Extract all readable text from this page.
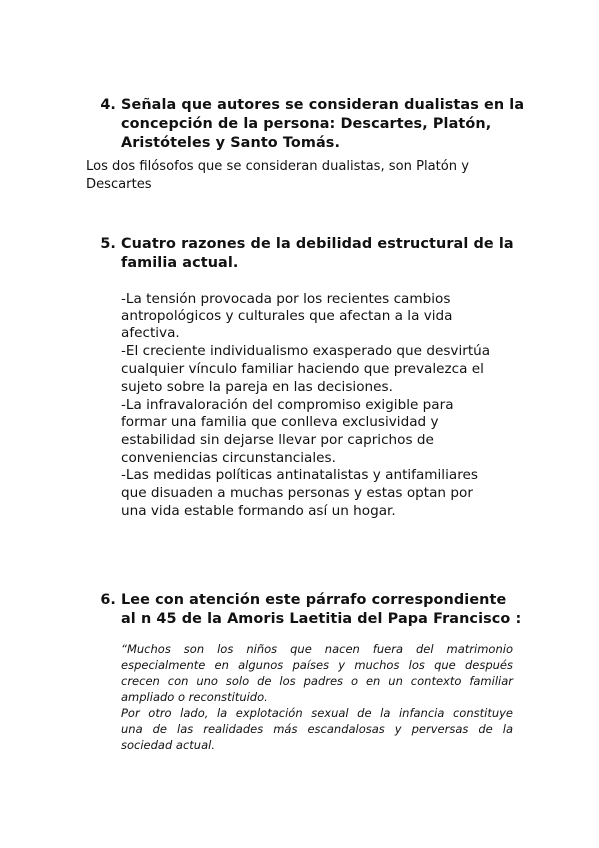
4. Señala que autores se consideran dualistas en la
concepción de la persona: Descartes, Platón,
Aristóteles y Santo Tomás.
Los dos filósofos que se consideran dualistas, son Platón y
Descartes
5. Cuatro razones de la debilidad estructural de la
familia actual.
-La tensión provocada por los recientes cambios
antropológicos y culturales que afectan a la vida
afectiva.
-El creciente individualismo exasperado que desvirtúa
cualquier vínculo familiar haciendo que prevalezca el
sujeto sobre la pareja en las decisiones.
-La infravaloración del compromiso exigible para
formar una familia que conlleva exclusividad y
estabilidad sin dejarse llevar por caprichos de
conveniencias circunstanciales.
-Las medidas políticas antinatalistas y antifamiliares
que disuaden a muchas personas y estas optan por
una vida estable formando así un hogar.
6. Lee con atención este párrafo correspondiente
al n 45 de la Amoris Laetitia del Papa Francisco :
“Muchos son los niños que nacen fuera del matrimonio
especialmente en algunos países y muchos los que después
crecen con uno solo de los padres o en un contexto familiar
ampliado o reconstituido.
Por otro lado, la explotación sexual de la infancia constituye
una de las realidades más escandalosas y perversas de la
sociedad actual.
